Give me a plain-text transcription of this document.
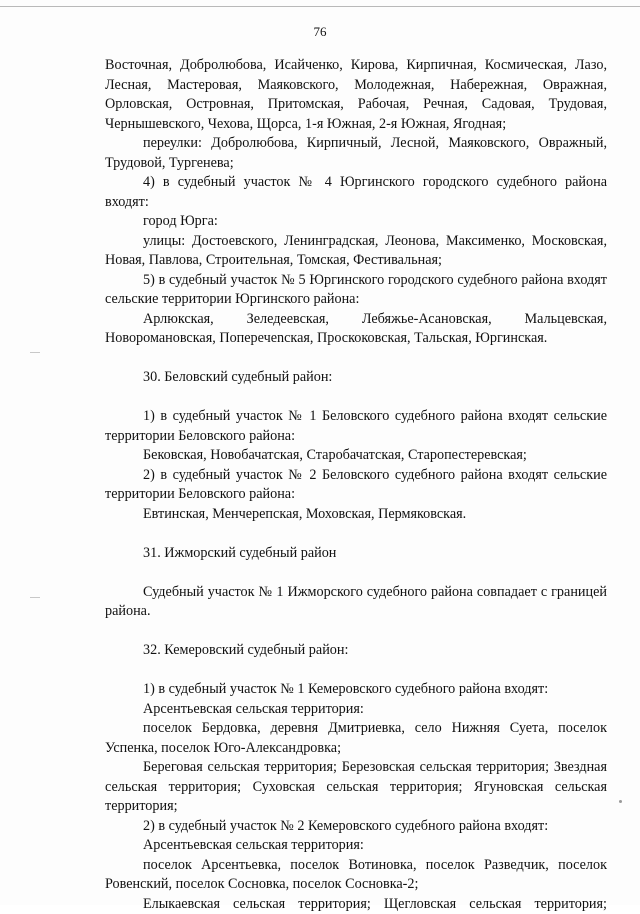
76

Восточная, Добролюбова, Исайченко, Кирова, Кирпичная, Космическая, Лазо, Лесная, Мастеровая, Маяковского, Молодежная, Набережная, Овражная, Орловская, Островная, Притомская, Рабочая, Речная, Садовая, Трудовая, Чернышевского, Чехова, Щорса, 1-я Южная, 2-я Южная, Ягодная;

переулки: Добролюбова, Кирпичный, Лесной, Маяковского, Овражный, Трудовой, Тургенева;

4) в судебный участок № 4 Юргинского городского судебного района входят:

город Юрга:

улицы: Достоевского, Ленинградская, Леонова, Максименко, Московская, Новая, Павлова, Строительная, Томская, Фестивальная;

5) в судебный участок № 5 Юргинского городского судебного района входят сельские территории Юргинского района:

Арлюкская, Зеледеевская, Лебяжье-Асановская, Мальцевская, Новоромановская, Поперечenская, Проскоковская, Тальская, Юргинская.

30. Беловский судебный район:

1) в судебный участок № 1 Беловского судебного района входят сельские территории Беловского района:

Бековская, Новобачатская, Старобачатская, Старопестеревская;

2) в судебный участок № 2 Беловского судебного района входят сельские территории Беловского района:

Евтинская, Менчерепская, Моховская, Пермяковская.

31. Ижморский судебный район

Судебный участок № 1 Ижморского судебного района совпадает с границей района.

32. Кемеровский судебный район:

1) в судебный участок № 1 Кемеровского судебного района входят:

Арсентьевская сельская территория:

поселок Бердовка, деревня Дмитриевка, село Нижняя Суета, поселок Успенка, поселок Юго-Александровка;

Береговая сельская территория; Березовская сельская территория; Звездная сельская территория; Суховская сельская территория; Ягуновская сельская территория;

2) в судебный участок № 2 Кемеровского судебного района входят:

Арсентьевская сельская территория:

поселок Арсентьевка, поселок Вотиновка, поселок Разведчик, поселок Ровенский, поселок Сосновка, поселок Сосновка-2;

Елыкаевская сельская территория; Щегловская сельская территория;
